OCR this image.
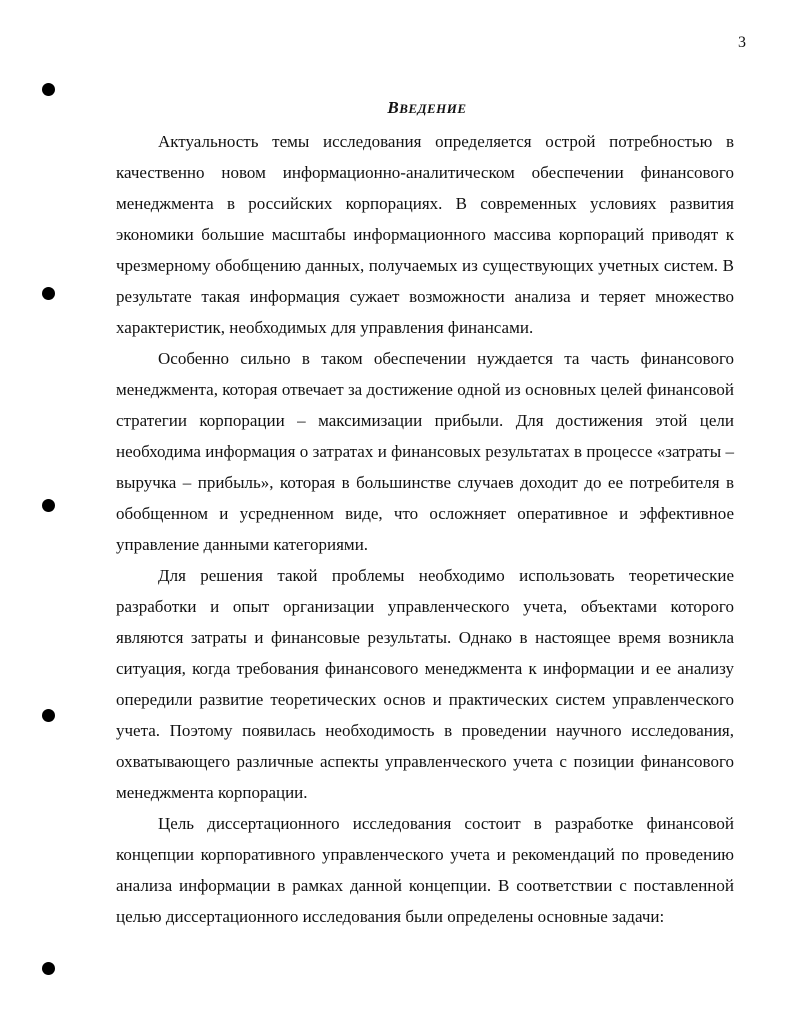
3
ВВЕДЕНИЕ

Актуальность темы исследования определяется острой потребностью в качественно новом информационно-аналитическом обеспечении финансового менеджмента в российских корпорациях. В современных условиях развития экономики большие масштабы информационного массива корпораций приводят к чрезмерному обобщению данных, получаемых из существующих учетных систем. В результате такая информация сужает возможности анализа и теряет множество характеристик, необходимых для управления финансами.

Особенно сильно в таком обеспечении нуждается та часть финансового менеджмента, которая отвечает за достижение одной из основных целей финансовой стратегии корпорации – максимизации прибыли. Для достижения этой цели необходима информация о затратах и финансовых результатах в процессе «затраты – выручка – прибыль», которая в большинстве случаев доходит до ее потребителя в обобщенном и усредненном виде, что осложняет оперативное и эффективное управление данными категориями.

Для решения такой проблемы необходимо использовать теоретические разработки и опыт организации управленческого учета, объектами которого являются затраты и финансовые результаты. Однако в настоящее время возникла ситуация, когда требования финансового менеджмента к информации и ее анализу опередили развитие теоретических основ и практических систем управленческого учета. Поэтому появилась необходимость в проведении научного исследования, охватывающего различные аспекты управленческого учета с позиции финансового менеджмента корпорации.

Цель диссертационного исследования состоит в разработке финансовой концепции корпоративного управленческого учета и рекомендаций по проведению анализа информации в рамках данной концепции. В соответствии с поставленной целью диссертационного исследования были определены основные задачи:
